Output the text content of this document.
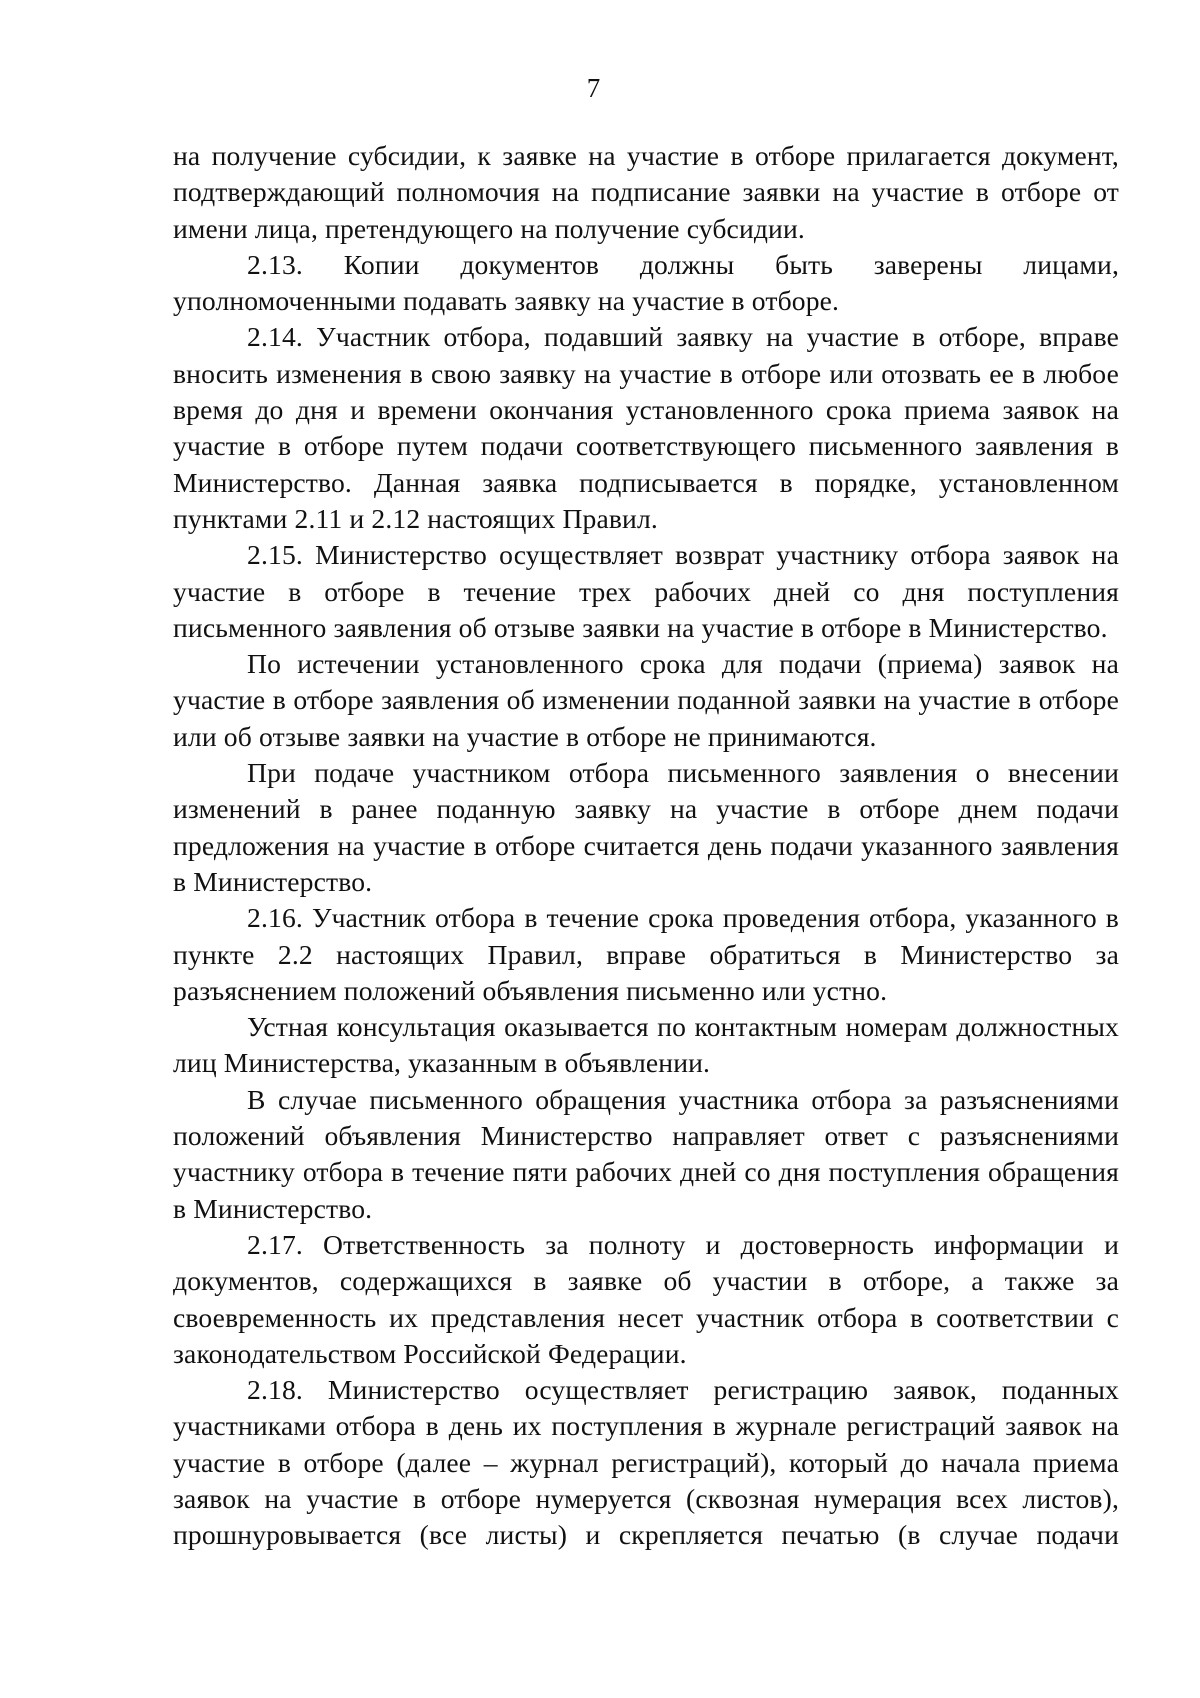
7

на получение субсидии, к заявке на участие в отборе прилагается документ, подтверждающий полномочия на подписание заявки на участие в отборе от имени лица, претендующего на получение субсидии.

2.13. Копии документов должны быть заверены лицами, уполномоченными подавать заявку на участие в отборе.

2.14. Участник отбора, подавший заявку на участие в отборе, вправе вносить изменения в свою заявку на участие в отборе или отозвать ее в любое время до дня и времени окончания установленного срока приема заявок на участие в отборе путем подачи соответствующего письменного заявления в Министерство. Данная заявка подписывается в порядке, установленном пунктами 2.11 и 2.12 настоящих Правил.

2.15. Министерство осуществляет возврат участнику отбора заявок на участие в отборе в течение трех рабочих дней со дня поступления письменного заявления об отзыве заявки на участие в отборе в Министерство.

По истечении установленного срока для подачи (приема) заявок на участие в отборе заявления об изменении поданной заявки на участие в отборе или об отзыве заявки на участие в отборе не принимаются.

При подаче участником отбора письменного заявления о внесении изменений в ранее поданную заявку на участие в отборе днем подачи предложения на участие в отборе считается день подачи указанного заявления в Министерство.

2.16. Участник отбора в течение срока проведения отбора, указанного в пункте 2.2 настоящих Правил, вправе обратиться в Министерство за разъяснением положений объявления письменно или устно.

Устная консультация оказывается по контактным номерам должностных лиц Министерства, указанным в объявлении.

В случае письменного обращения участника отбора за разъяснениями положений объявления Министерство направляет ответ с разъяснениями участнику отбора в течение пяти рабочих дней со дня поступления обращения в Министерство.

2.17. Ответственность за полноту и достоверность информации и документов, содержащихся в заявке об участии в отборе, а также за своевременность их представления несет участник отбора в соответствии с законодательством Российской Федерации.

2.18. Министерство осуществляет регистрацию заявок, поданных участниками отбора в день их поступления в журнале регистраций заявок на участие в отборе (далее – журнал регистраций), который до начала приема заявок на участие в отборе нумеруется (сквозная нумерация всех листов), прошнуровывается (все листы) и скрепляется печатью (в случае подачи
